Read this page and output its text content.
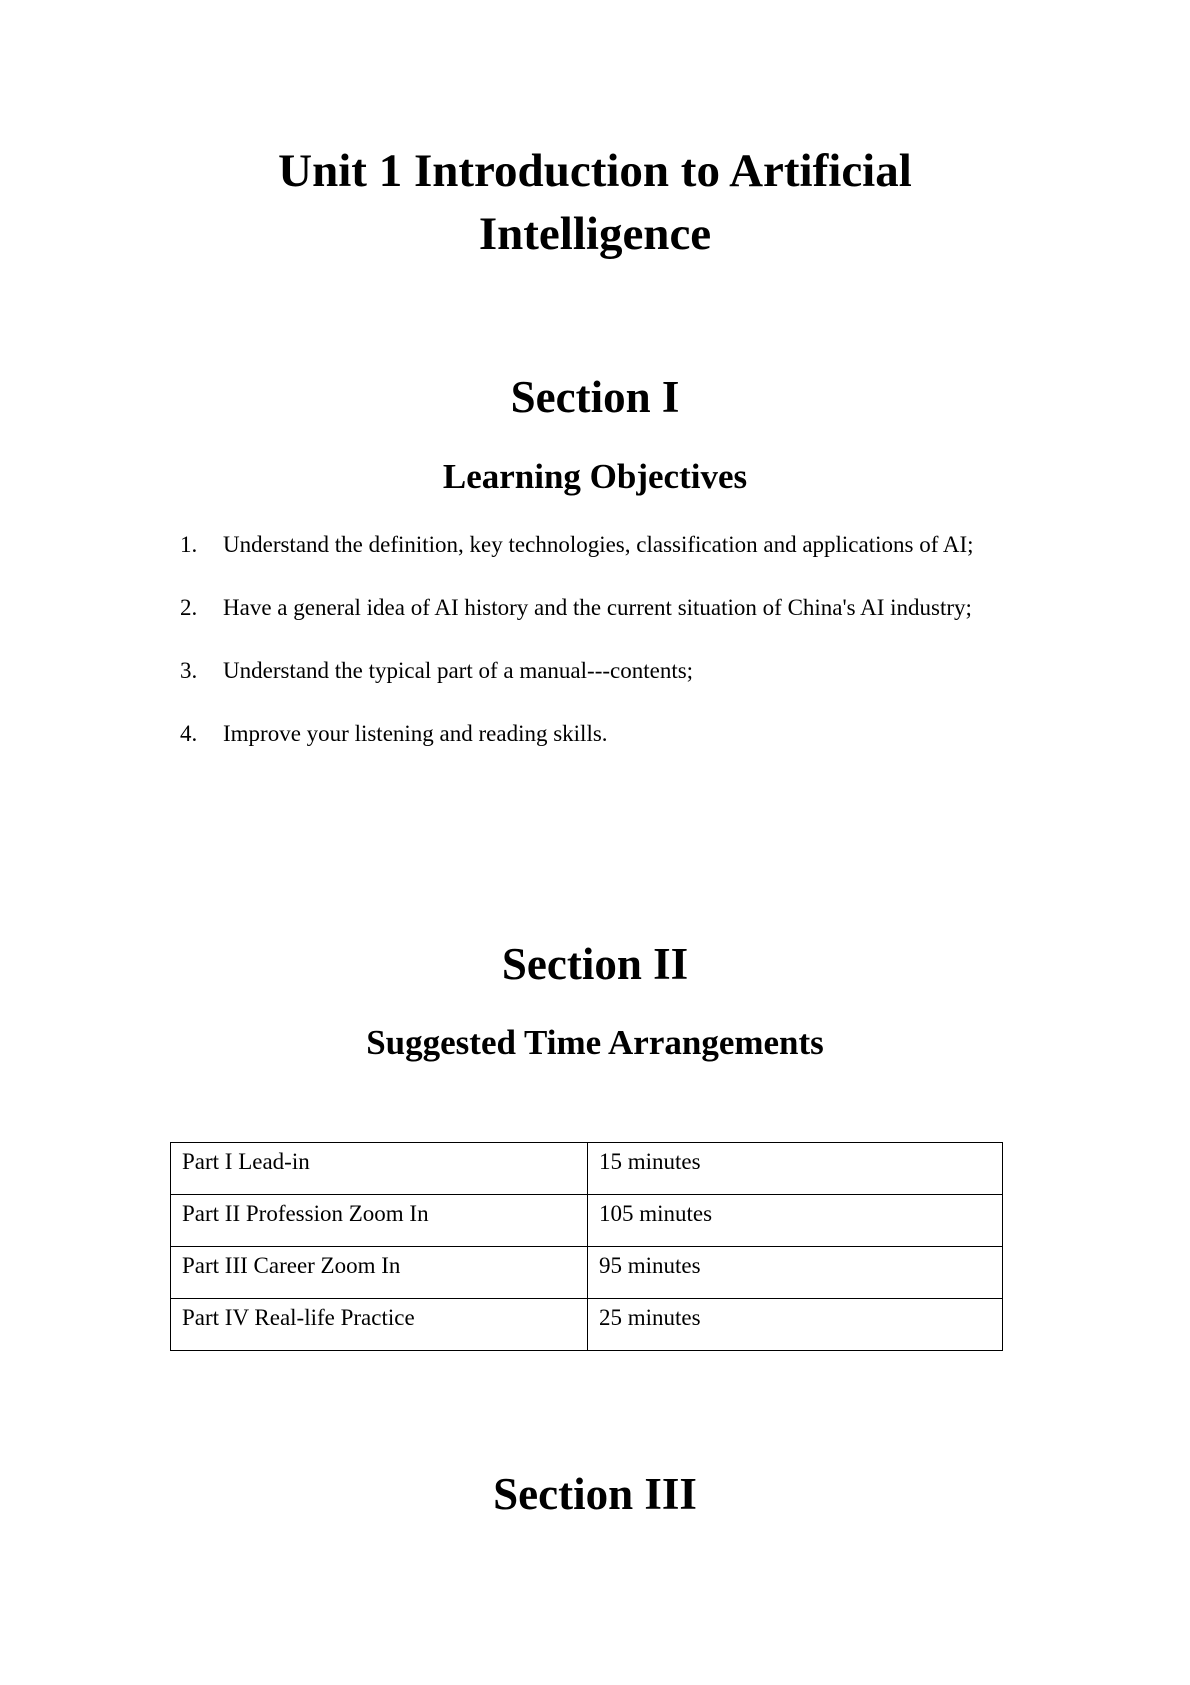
Unit 1 Introduction to Artificial
Intelligence
Section I
Learning Objectives
1.	Understand the definition, key technologies, classification and applications of AI;
2.	Have a general idea of AI history and the current situation of China's AI industry;
3.	Understand the typical part of a manual---contents;
4.	Improve your listening and reading skills.
Section II
Suggested Time Arrangements
Part I Lead-in	15 minutes
Part II Profession Zoom In	105 minutes
Part III Career Zoom In	95 minutes
Part IV Real-life Practice	25 minutes
Section III
